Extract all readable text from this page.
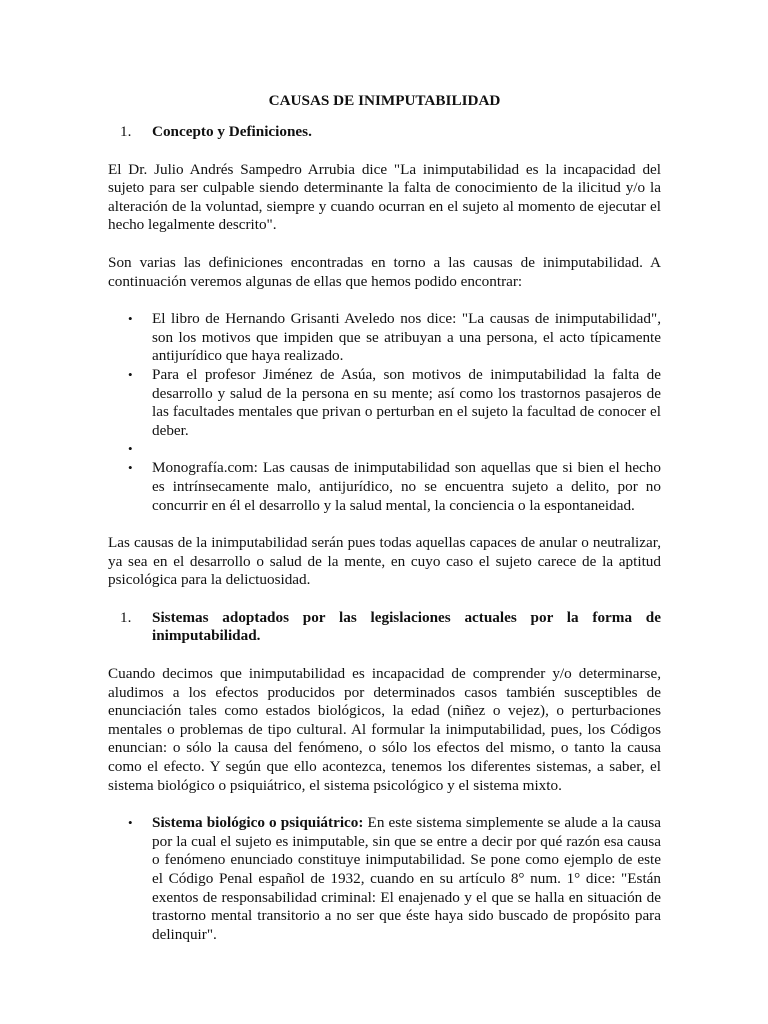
CAUSAS DE INIMPUTABILIDAD
1.	Concepto y Definiciones.

El Dr. Julio Andrés Sampedro Arrubia dice "La inimputabilidad es la incapacidad del sujeto para ser culpable siendo determinante la falta de conocimiento de la ilicitud y/o la alteración de la voluntad, siempre y cuando ocurran en el sujeto al momento de ejecutar el hecho legalmente descrito".

Son varias las definiciones encontradas en torno a las causas de inimputabilidad. A continuación veremos algunas de ellas que hemos podido encontrar:

•	El libro de Hernando Grisanti Aveledo nos dice: "La causas de inimputabilidad", son los motivos que impiden que se atribuyan a una persona, el acto típicamente antijurídico que haya realizado.
•	Para el profesor Jiménez de Asúa, son motivos de inimputabilidad la falta de desarrollo y salud de la persona en su mente; así como los trastornos pasajeros de las facultades mentales que privan o perturban en el sujeto la facultad de conocer el deber.
•
•	Monografía.com: Las causas de inimputabilidad son aquellas que si bien el hecho es intrínsecamente malo, antijurídico, no se encuentra sujeto a delito, por no concurrir en él el desarrollo y la salud mental, la conciencia o la espontaneidad.

Las causas de la inimputabilidad serán pues todas aquellas capaces de anular o neutralizar, ya sea en el desarrollo o salud de la mente, en cuyo caso el sujeto carece de la aptitud psicológica para la delictuosidad.

1.	Sistemas adoptados por las legislaciones actuales por la forma de
inimputabilidad.

Cuando decimos que inimputabilidad es incapacidad de comprender y/o determinarse, aludimos a los efectos producidos por determinados casos también susceptibles de enunciación tales como estados biológicos, la edad (niñez o vejez), o perturbaciones mentales o problemas de tipo cultural. Al formular la inimputabilidad, pues, los Códigos enuncian: o sólo la causa del fenómeno, o sólo los efectos del mismo, o tanto la causa como el efecto. Y según que ello acontezca, tenemos los diferentes sistemas, a saber, el sistema biológico o psiquiátrico, el sistema psicológico y el sistema mixto.

•	Sistema biológico o psiquiátrico: En este sistema simplemente se alude a la causa por la cual el sujeto es inimputable, sin que se entre a decir por qué razón esa causa o fenómeno enunciado constituye inimputabilidad. Se pone como ejemplo de este el Código Penal español de 1932, cuando en su artículo 8° num. 1° dice: "Están exentos de responsabilidad criminal: El enajenado y el que se halla en situación de trastorno mental transitorio a no ser que éste haya sido buscado de propósito para delinquir".
